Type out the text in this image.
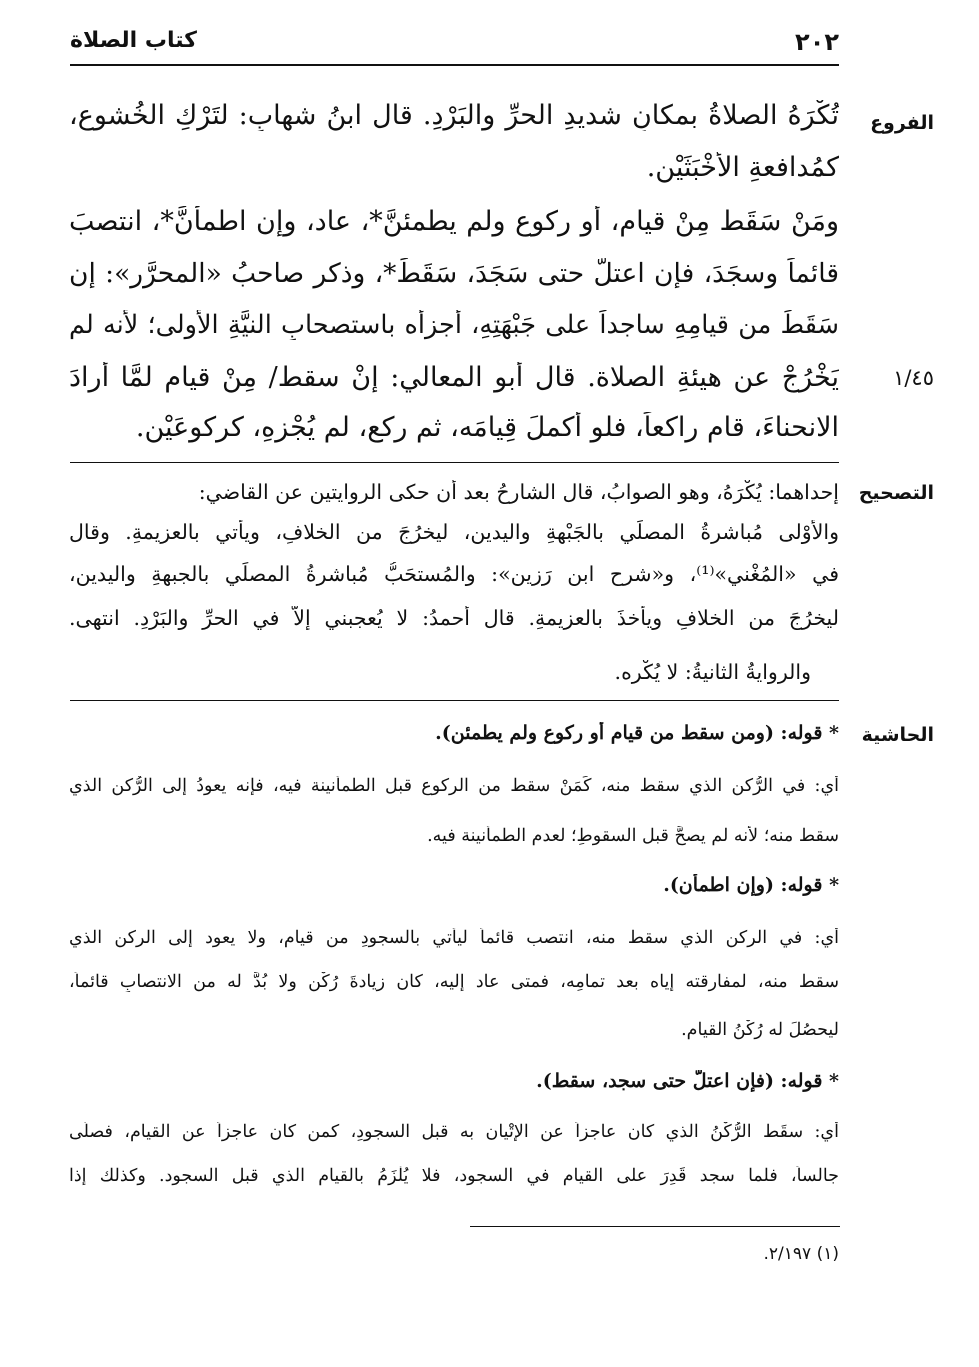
٢٠٢
كتاب الصلاة
الفروع
١/٤٥
تُكْرَهُ الصلاةُ بمكانٍ شديدِ الحرِّ والبَرْدِ. قال ابنُ شهابٍ: لتَرْكِ الخُشوعِ،
كمُدافعةِ الأخْبَثَيْنِ.
ومَنْ سَقَط مِنْ قيامٍ، أو ركوعٍ ولم يطمئنَّ*، عاد، وإن اطمأنَّ*، انتصبَ
قائماً وسجَدَ، فإن اعتلَّ حتى سَجَدَ، سَقَطَ*، وذكر صاحبُ «المحرَّر»: إن
سَقَطَ من قيامِهِ ساجداً على جَبْهَتِهِ، أجزأَه باستصحابِ النيَّةِ الأولى؛ لأنه لم
يَخْرُجْ عن هيئةِ الصلاة. قال أبو المعالي: إنْ سقط/ مِنْ قيامٍ لمَّا أرادَ
الانحناءَ، قام راكعاً، فلو أكملَ قِيامَه، ثم ركع، لم يُجْزِهِ، كركوعَيْنِ.
التصحيح
إحداهما: يُكْرَهُ، وهو الصوابُ، قال الشارحُ بعد أن حكى الروايتين عن القاضي:
والأَوْلى مُباشرةُ المصلِّي بالجَبْهةِ واليدين، ليخرُجَ من الخلافِ، ويأتي بالعزيمةِ. وقال
في «المُغْني»⁽¹⁾، و«شرح ابن رَزينٍ»: والمُستحَبُّ مُباشرةُ المصلِّي بالجبهةِ واليدين،
ليخرُجَ من الخلافِ ويأخذَ بالعزيمةِ. قال أحمدُ: لا يُعجبني إلاّ في الحرِّ والبَرْدِ. انتهى.
والروايةُ الثانيةُ: لا يُكْره.
الحاشية
* قوله: (ومن سقط من قيامٍ أو ركوعٍ ولم يطمئن).
أي: في الرُّكنِ الذي سقط منه، كَمَنْ سقط من الركوع قبل الطمأنينة فيه، فإنه يعودُ إلى الرُّكنِ الذي
سقط منه؛ لأنه لم يصحَّ قبل السقوطِ؛ لعدم الطمأنينة فيه.
* قوله: (وإن اطمأن).
أي: في الركنِ الذي سقط منه، انتصب قائماً ليأتي بالسجودِ من قيام، ولا يعود إلى الركنِ الذي
سقط منه، لمفارقته إياه بعد تمامِه، فمتى عاد إليه، كان زيادةَ رُكْنٍ ولا بُدَّ له من الانتصابِ قائماً،
ليحصُلَ له رُكْنُ القيام.
* قوله: (فإن اعتلَّ حتى سجد، سقط).
أي: سقَط الرُّكْنُ الذي كان عاجزاً عن الإتْيان به قبل السجودِ، كمن كان عاجزاً عن القيام، فصلّى
جالساً، فلما سجد قَدِرَ على القيام في السجود، فلا يُلْزَمُ بالقيام الذي قبل السجود. وكذلك إذا
(١) ٢/١٩٧.
